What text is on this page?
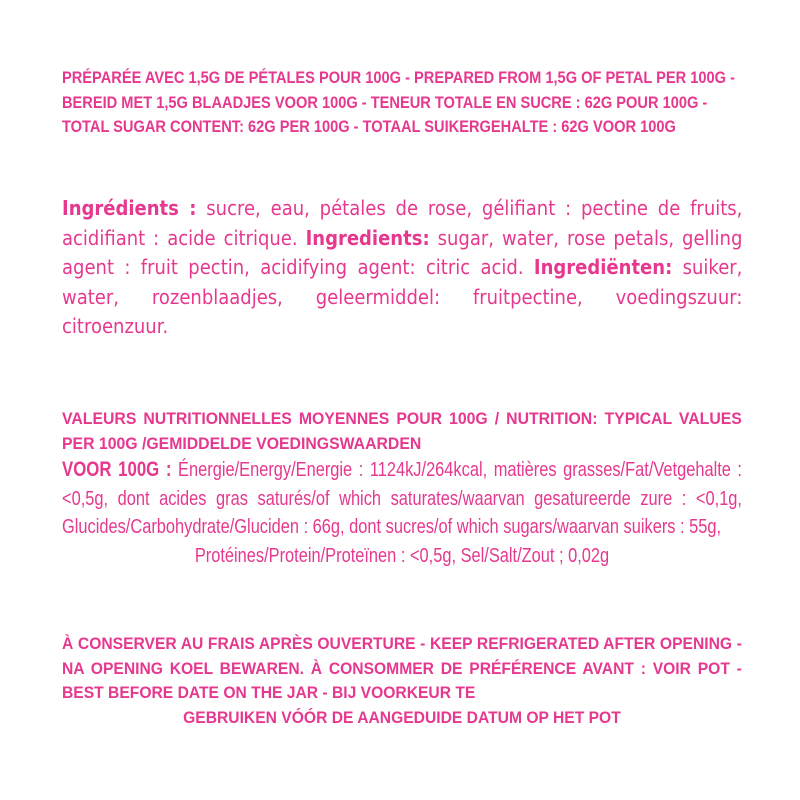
PRÉPARÉE AVEC 1,5G DE PÉTALES POUR 100G - PREPARED FROM 1,5G OF PETAL PER 100G - BEREID MET 1,5G BLAADJES VOOR 100G - TENEUR TOTALE EN SUCRE : 62G POUR 100G - TOTAL SUGAR CONTENT: 62G PER 100G - TOTAAL SUIKERGEHALTE : 62G VOOR 100G
Ingrédients : sucre, eau, pétales de rose, gélifiant : pectine de fruits, acidifiant : acide citrique. Ingredients: sugar, water, rose petals, gelling agent : fruit pectin, acidifying agent: citric acid. Ingrediënten: suiker, water, rozenblaadjes, geleermiddel: fruitpectine, voedingszuur: citroenzuur.
VALEURS NUTRITIONNELLES MOYENNES POUR 100G / NUTRITION: TYPICAL VALUES PER 100G /GEMIDDELDE VOEDINGSWAARDEN
VOOR 100G : Énergie/Energy/Energie : 1124kJ/264kcal, matières grasses/Fat/Vetgehalte : <0,5g, dont acides gras saturés/of which saturates/waarvan gesatureerde zure : <0,1g, Glucides/Carbohydrate/Gluciden : 66g, dont sucres/of which sugars/waarvan suikers : 55g,
Protéines/Protein/Proteïnen : <0,5g, Sel/Salt/Zout ; 0,02g
À CONSERVER AU FRAIS APRÈS OUVERTURE - KEEP REFRIGERATED AFTER OPENING - NA OPENING KOEL BEWAREN. À CONSOMMER DE PRÉFÉRENCE AVANT : VOIR POT -BEST BEFORE DATE ON THE JAR - BIJ VOORKEUR TE
GEBRUIKEN VÓÓR DE AANGEDUIDE DATUM OP HET POT
